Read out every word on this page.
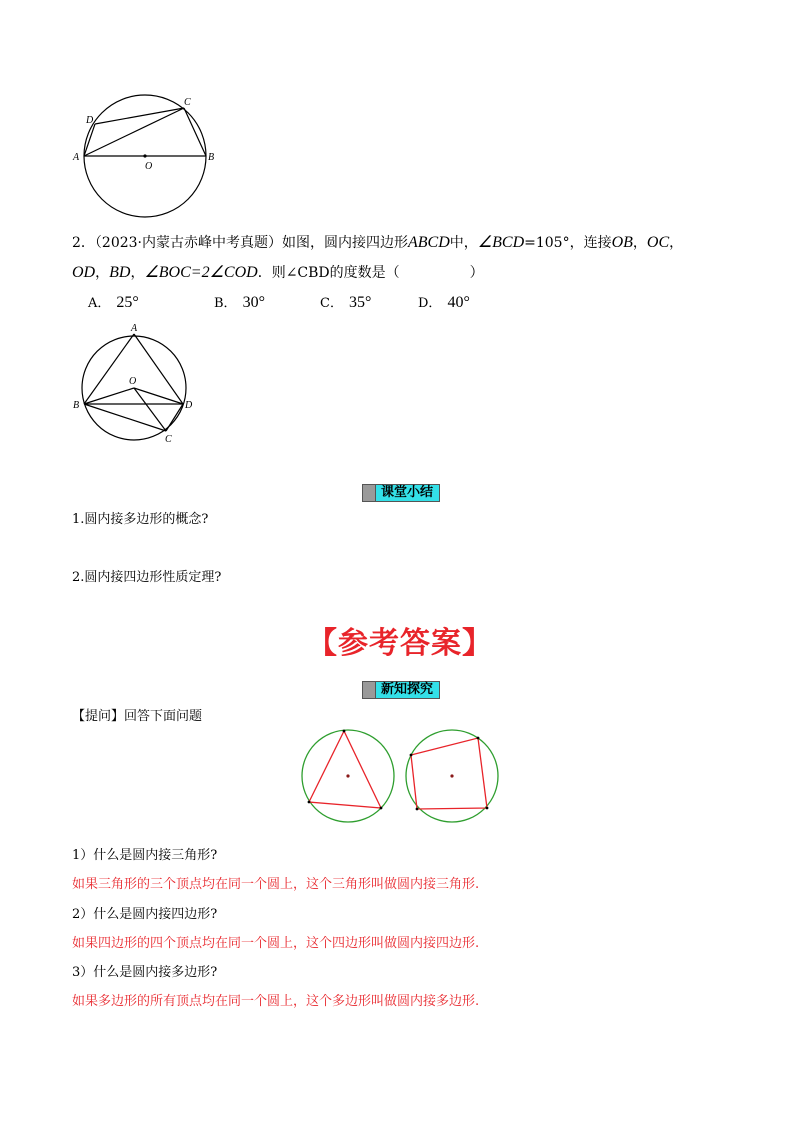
A	B
C
D
O
2．（2023·内蒙古赤峰中考真题）如图，圆内接四边形ABCD中，∠BCD=105°，连接OB，OC，
OD，BD，∠BOC=2∠COD．则∠CBD的度数是（　　　　　）
A． 25°	B． 30°	C． 35°	D． 40°
A
B
C
D
O
课堂小结
1.圆内接多边形的概念?
2.圆内接四边形性质定理?
【参考答案】
新知探究
【提问】回答下面问题
1）什么是圆内接三角形?
如果三角形的三个顶点均在同一个圆上，这个三角形叫做圆内接三角形.
2）什么是圆内接四边形?
如果四边形的四个顶点均在同一个圆上，这个四边形叫做圆内接四边形.
3）什么是圆内接多边形?
如果多边形的所有顶点均在同一个圆上，这个多边形叫做圆内接多边形.
